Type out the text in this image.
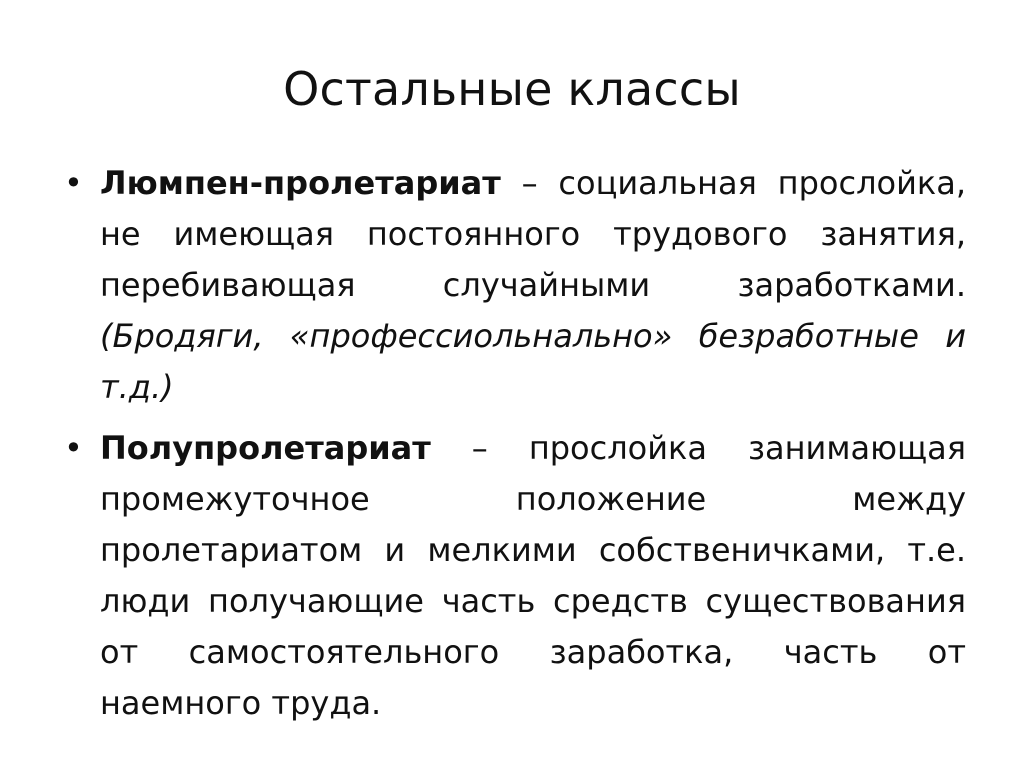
Остальные классы
• Люмпен-пролетариат – социальная прослойка, не имеющая постоянного трудового занятия, перебивающая случайными заработками. (Бродяги, «профессиольнально» безработные и т.д.)
• Полупролетариат – прослойка занимающая промежуточное положение между пролетариатом и мелкими собственичками, т.е. люди получающие часть средств существования от самостоятельного заработка, часть от наемного труда.
